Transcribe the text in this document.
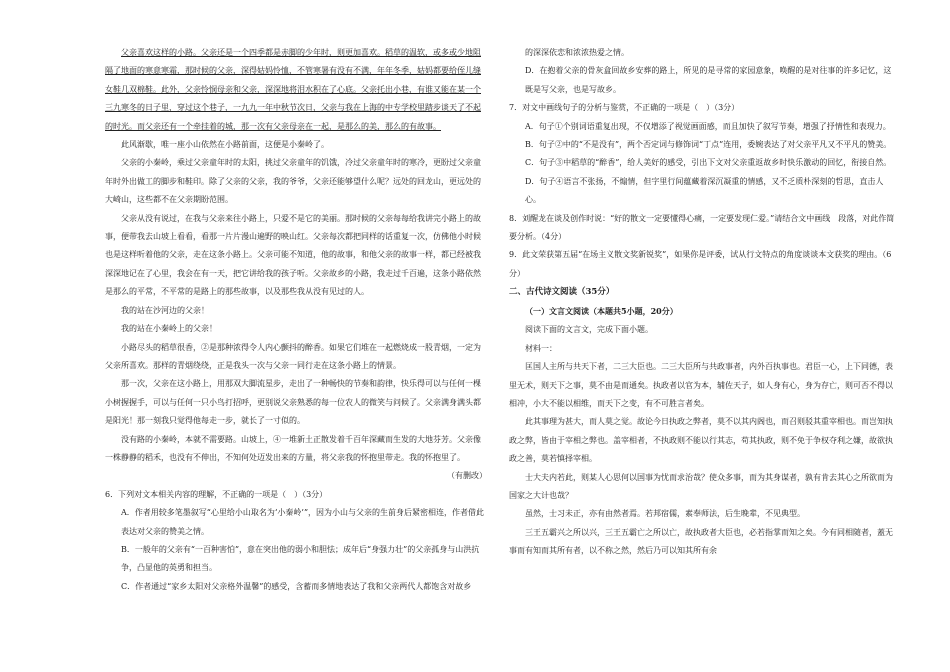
父亲喜欢这样的小路。父亲还是一个四季都是赤脚的少年时，则更加喜欢。稻草的温软，或多或少地阻隔了地面的寒意寒霜，那时候的父亲，深得姑妈怜恤，不管寒暑有没有不满，年年冬季，姑妈都要给侄儿缝女鞋几双棉鞋。此外，父亲怜悯母亲和父亲，深深地将泪水积在了心底。父亲托出小巷，有谁又能在某一个三九寒冬的日子里，穿过这个巷子，一九九一年中秋节次日，父亲与我在上海的中专学校里踏步谈天了不起的时光。而父亲还有一个牵挂着的城，那一次有父亲母亲在一起，是那么的美，那么的有故事。

此风渐歇，唯一座小山依然在小路前面，这便是小秦岭了。

父亲的小秦岭，乘过父亲童年时的太阳，挑过父亲童年的饥饿，冷过父亲童年时的寒冷，更盼过父亲童年时外出做工的脚步和鞋印。除了父亲的父亲，我的爷爷，父亲还能够望什么呢？远处的回龙山，更远处的大崎山，这些都不在父亲期盼范围。

父亲从没有说过，在我与父亲来往小路上，只爱不是它的美丽。那时候的父亲每每给我讲完小路上的故事，便带我去山坡上看看，看那一片片漫山遍野的映山红。父亲每次都把同样的话重复一次，仿佛他小时候也是这样听着他的父亲，走在这条小路上。父亲可能不知道，他的故事，和他父亲的故事一样，都已经被我深深地记在了心里，我会在有一天，把它讲给我的孩子听。父亲故乡的小路，我走过千百遍，这条小路依然是那么的平常，不平常的是路上的那些故事，以及那些我从没有见过的人。

我的站在沙河边的父亲！

我的站在小秦岭上的父亲！

小路尽头的稻草很香，②是那种浓得令人内心颤抖的醉香。如果它们堆在一起燃烧成一股青烟，一定为父亲所喜欢。那样的青烟绕绕，正是我头一次与父亲一同行走在这条小路上的情景。

那一次，父亲在这小路上，用那双大脚流星步，走出了一种畅快的节奏和韵律，快乐得可以与任何一棵小树握握手，可以与任何一只小鸟打招呼，更别说父亲熟悉的每一位农人的微笑与问候了。父亲满身满头都是阳光！那一刻我只觉得他每走一步，就长了一寸似的。

没有路的小秦岭，本就不需要路。山坡上，④一堆新土正散发着千百年深藏而生发的大地芬芳。父亲像一株静静的稻禾，也没有不伸出，不知何处迈发出来的方量，将父亲我的怀抱里带走。我的怀抱里了。

（有删改）

6．下列对文本相关内容的理解，不正确的一项是（　）（3分）

A．作者用较多笔墨叙写“心里给小山取名为‘小秦岭’”，因为小山与父亲的生前身后紧密相连，作者借此表达对父亲的赞美之情。

B．一般年的父亲有“一百种害怕”，意在突出他的弱小和胆怯；成年后“身强力壮”的父亲孤身与山洪抗争，凸显他的英勇和担当。

C．作者通过“家乡太阳对父亲格外温馨”的感受，含蓄而多情地表达了我和父亲两代人都饱含对故乡

的深深依恋和浓浓热爱之情。

D．在抱着父亲的骨灰盒回故乡安葬的路上，所见的是寻常的家园意象，唤醒的是对往事的许多记忆，这既是写父亲，也是写故乡。

7．对文中画线句子的分析与鉴赏，不正确的一项是（　）（3分）

A．句子①个别词语重复出现，不仅增添了视觉画面感，而且加快了叙写节奏，增强了抒情性和表现力。

B．句子②中的“不是没有”，两个否定词与修饰词“丁点”连用，委婉表达了对父亲平凡又不平凡的赞美。

C．句子③中稻草的“醉香”，给人美好的感受，引出下文对父亲重返故乡时快乐激动的回忆，衔接自然。

D．句子④语言不张扬，不煽情，但字里行间蕴藏着深沉凝重的情感，又不乏质朴深刻的哲思，直击人心。

8．刘醒龙在谈及创作时说：“好的散文一定要懂得心痛，一定要发现仁爱。”请结合文中画线　段落，对此作简要分析。（4分）

9．此文荣获第五届“在场主义散文奖新锐奖”，如果你是评委，试从行文特点的角度谈谈本文获奖的理由。（6分）

二、古代诗文阅读（35分）

（一）文言文阅读（本题共5小题，20分）

阅读下面的文言文，完成下面小题。

材料一：

匡国人主所与共天下者，二三大臣也。二三大臣所与共政事者，内外百执事也。君臣一心，上下同德，表里无术，则天下之事，莫不由是而通矣。执政者以官为本，辅佐天子，如人身有心，身为存亡，则可否不得以相冲，小大不能以相维，而天下之变，有不可胜言者矣。

此其事理为甚大，而人莫之觉。故论今日执政之弊者，莫不以其内阁也，而召则驳其重宰相也。而岂知执政之弊，皆由于宰相之弊也。盖宰相者，不执政则不能以行其志，苟其执政，则不免于争权夺利之嫌，故欲执政之善，莫若慎择宰相。

士大夫内若此，则某人心思何以国事为忧而求治哉？使众多事，而为其身谋者，孰有肯去其心之所欲而为国家之大计也哉？

虽然，士习未正，亦有由然者焉。若邦宿儒，素奉师法，后生晚辈，不见典型。

三王五霸兴之所以兴，三王五霸亡之所以亡，故执政者大臣也，必若指掌而知之矣。今有同相随者，蓋无事而有知而其所有者，以不称之然，然后乃可以知其所有余
